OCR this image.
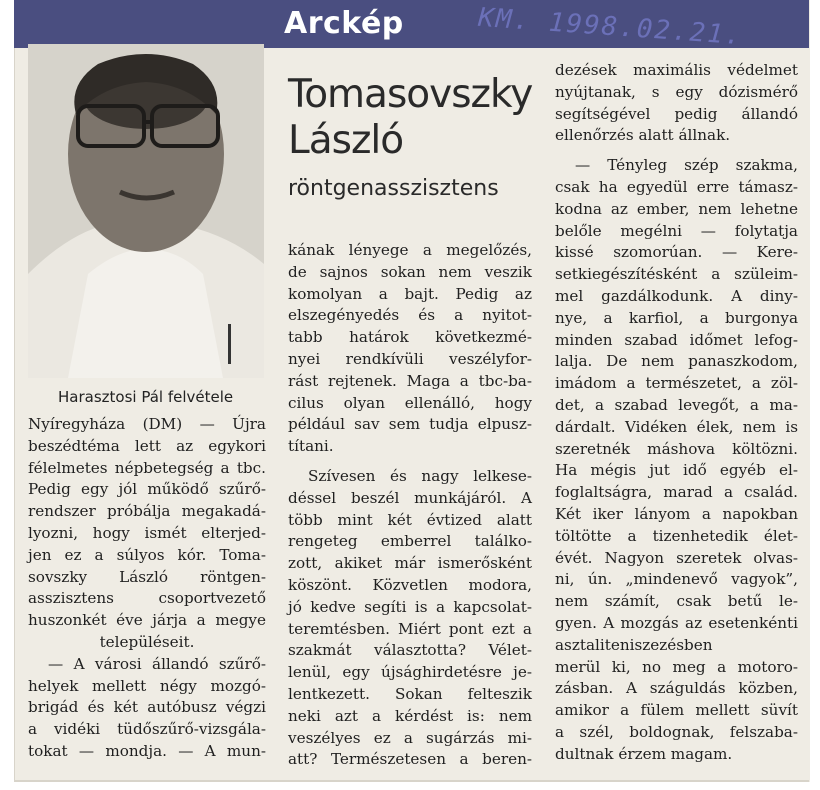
Arckép	KM. 1998.02.21.
Harasztosi Pál felvétele
Tomasovszky
László
röntgenasszisztens
Nyíregyháza (DM) — Újra
beszédtéma lett az egykori
félelmetes népbetegség a tbc.
Pedig egy jól működő szűrő-
rendszer próbálja megakadá-
lyozni, hogy ismét elterjed-
jen ez a súlyos kór. Toma-
sovszky László röntgen-
asszisztens csoportvezető
huszonkét éve járja a megye
településeit.
— A városi állandó szűrő-
helyek mellett négy mozgó-
brigád és két autóbusz végzi
a vidéki tüdőszűrő-vizsgála-
tokat — mondja. — A mun-
kának lényege a megelőzés,
de sajnos sokan nem veszik
komolyan a bajt. Pedig az
elszegényedés és a nyitot-
tabb határok következmé-
nyei rendkívüli veszélyfor-
rást rejtenek. Maga a tbc-ba-
cilus olyan ellenálló, hogy
például sav sem tudja elpusz-
títani.
Szívesen és nagy lelkese-
déssel beszél munkájáról. A
több mint két évtized alatt
rengeteg emberrel találko-
zott, akiket már ismerősként
köszönt. Közvetlen modora,
jó kedve segíti is a kapcsolat-
teremtésben. Miért pont ezt a
szakmát választotta? Vélet-
lenül, egy újsághirdetésre je-
lentkezett. Sokan felteszik
neki azt a kérdést is: nem
veszélyes ez a sugárzás mi-
att? Természetesen a beren-
dezések maximális védelmet
nyújtanak, s egy dózismérő
segítségével pedig állandó
ellenőrzés alatt állnak.
— Tényleg szép szakma,
csak ha egyedül erre támasz-
kodna az ember, nem lehetne
belőle megélni — folytatja
kissé szomorúan. — Kere-
setkiegészítésként a szüleim-
mel gazdálkodunk. A diny-
nye, a karfiol, a burgonya
minden szabad időmet lefog-
lalja. De nem panaszkodom,
imádom a természetet, a zöl-
det, a szabad levegőt, a ma-
dárdalt. Vidéken élek, nem is
szeretnék máshova költözni.
Ha mégis jut idő egyéb el-
foglaltságra, marad a család.
Két iker lányom a napokban
töltötte a tizenhetedik élet-
évét. Nagyon szeretek olvas-
ni, ún. „mindenevő vagyok”,
nem számít, csak betű le-
gyen. A mozgás az esetenkénti
asztaliteniszezésben
merül ki, no meg a motoro-
zásban. A száguldás közben,
amikor a fülem mellett süvít
a szél, boldognak, felszaba-
dultnak érzem magam.
